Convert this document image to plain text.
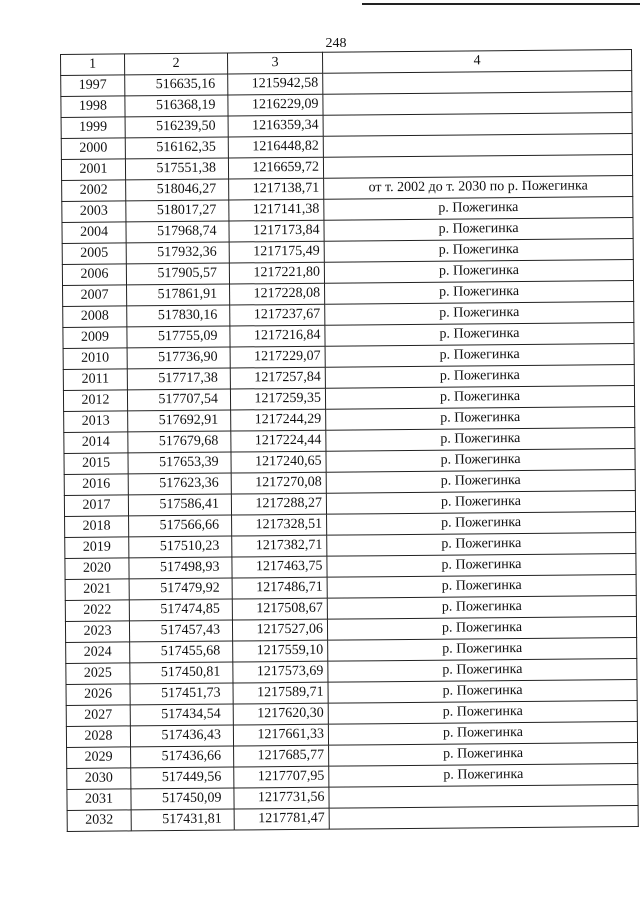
248
1	2	3	4
1997	516635,16	1215942,58	
1998	516368,19	1216229,09	
1999	516239,50	1216359,34	
2000	516162,35	1216448,82	
2001	517551,38	1216659,72	
2002	518046,27	1217138,71	от т. 2002 до т. 2030 по р. Пожегинка
2003	518017,27	1217141,38	р. Пожегинка
2004	517968,74	1217173,84	р. Пожегинка
2005	517932,36	1217175,49	р. Пожегинка
2006	517905,57	1217221,80	р. Пожегинка
2007	517861,91	1217228,08	р. Пожегинка
2008	517830,16	1217237,67	р. Пожегинка
2009	517755,09	1217216,84	р. Пожегинка
2010	517736,90	1217229,07	р. Пожегинка
2011	517717,38	1217257,84	р. Пожегинка
2012	517707,54	1217259,35	р. Пожегинка
2013	517692,91	1217244,29	р. Пожегинка
2014	517679,68	1217224,44	р. Пожегинка
2015	517653,39	1217240,65	р. Пожегинка
2016	517623,36	1217270,08	р. Пожегинка
2017	517586,41	1217288,27	р. Пожегинка
2018	517566,66	1217328,51	р. Пожегинка
2019	517510,23	1217382,71	р. Пожегинка
2020	517498,93	1217463,75	р. Пожегинка
2021	517479,92	1217486,71	р. Пожегинка
2022	517474,85	1217508,67	р. Пожегинка
2023	517457,43	1217527,06	р. Пожегинка
2024	517455,68	1217559,10	р. Пожегинка
2025	517450,81	1217573,69	р. Пожегинка
2026	517451,73	1217589,71	р. Пожегинка
2027	517434,54	1217620,30	р. Пожегинка
2028	517436,43	1217661,33	р. Пожегинка
2029	517436,66	1217685,77	р. Пожегинка
2030	517449,56	1217707,95	р. Пожегинка
2031	517450,09	1217731,56	
2032	517431,81	1217781,47	
